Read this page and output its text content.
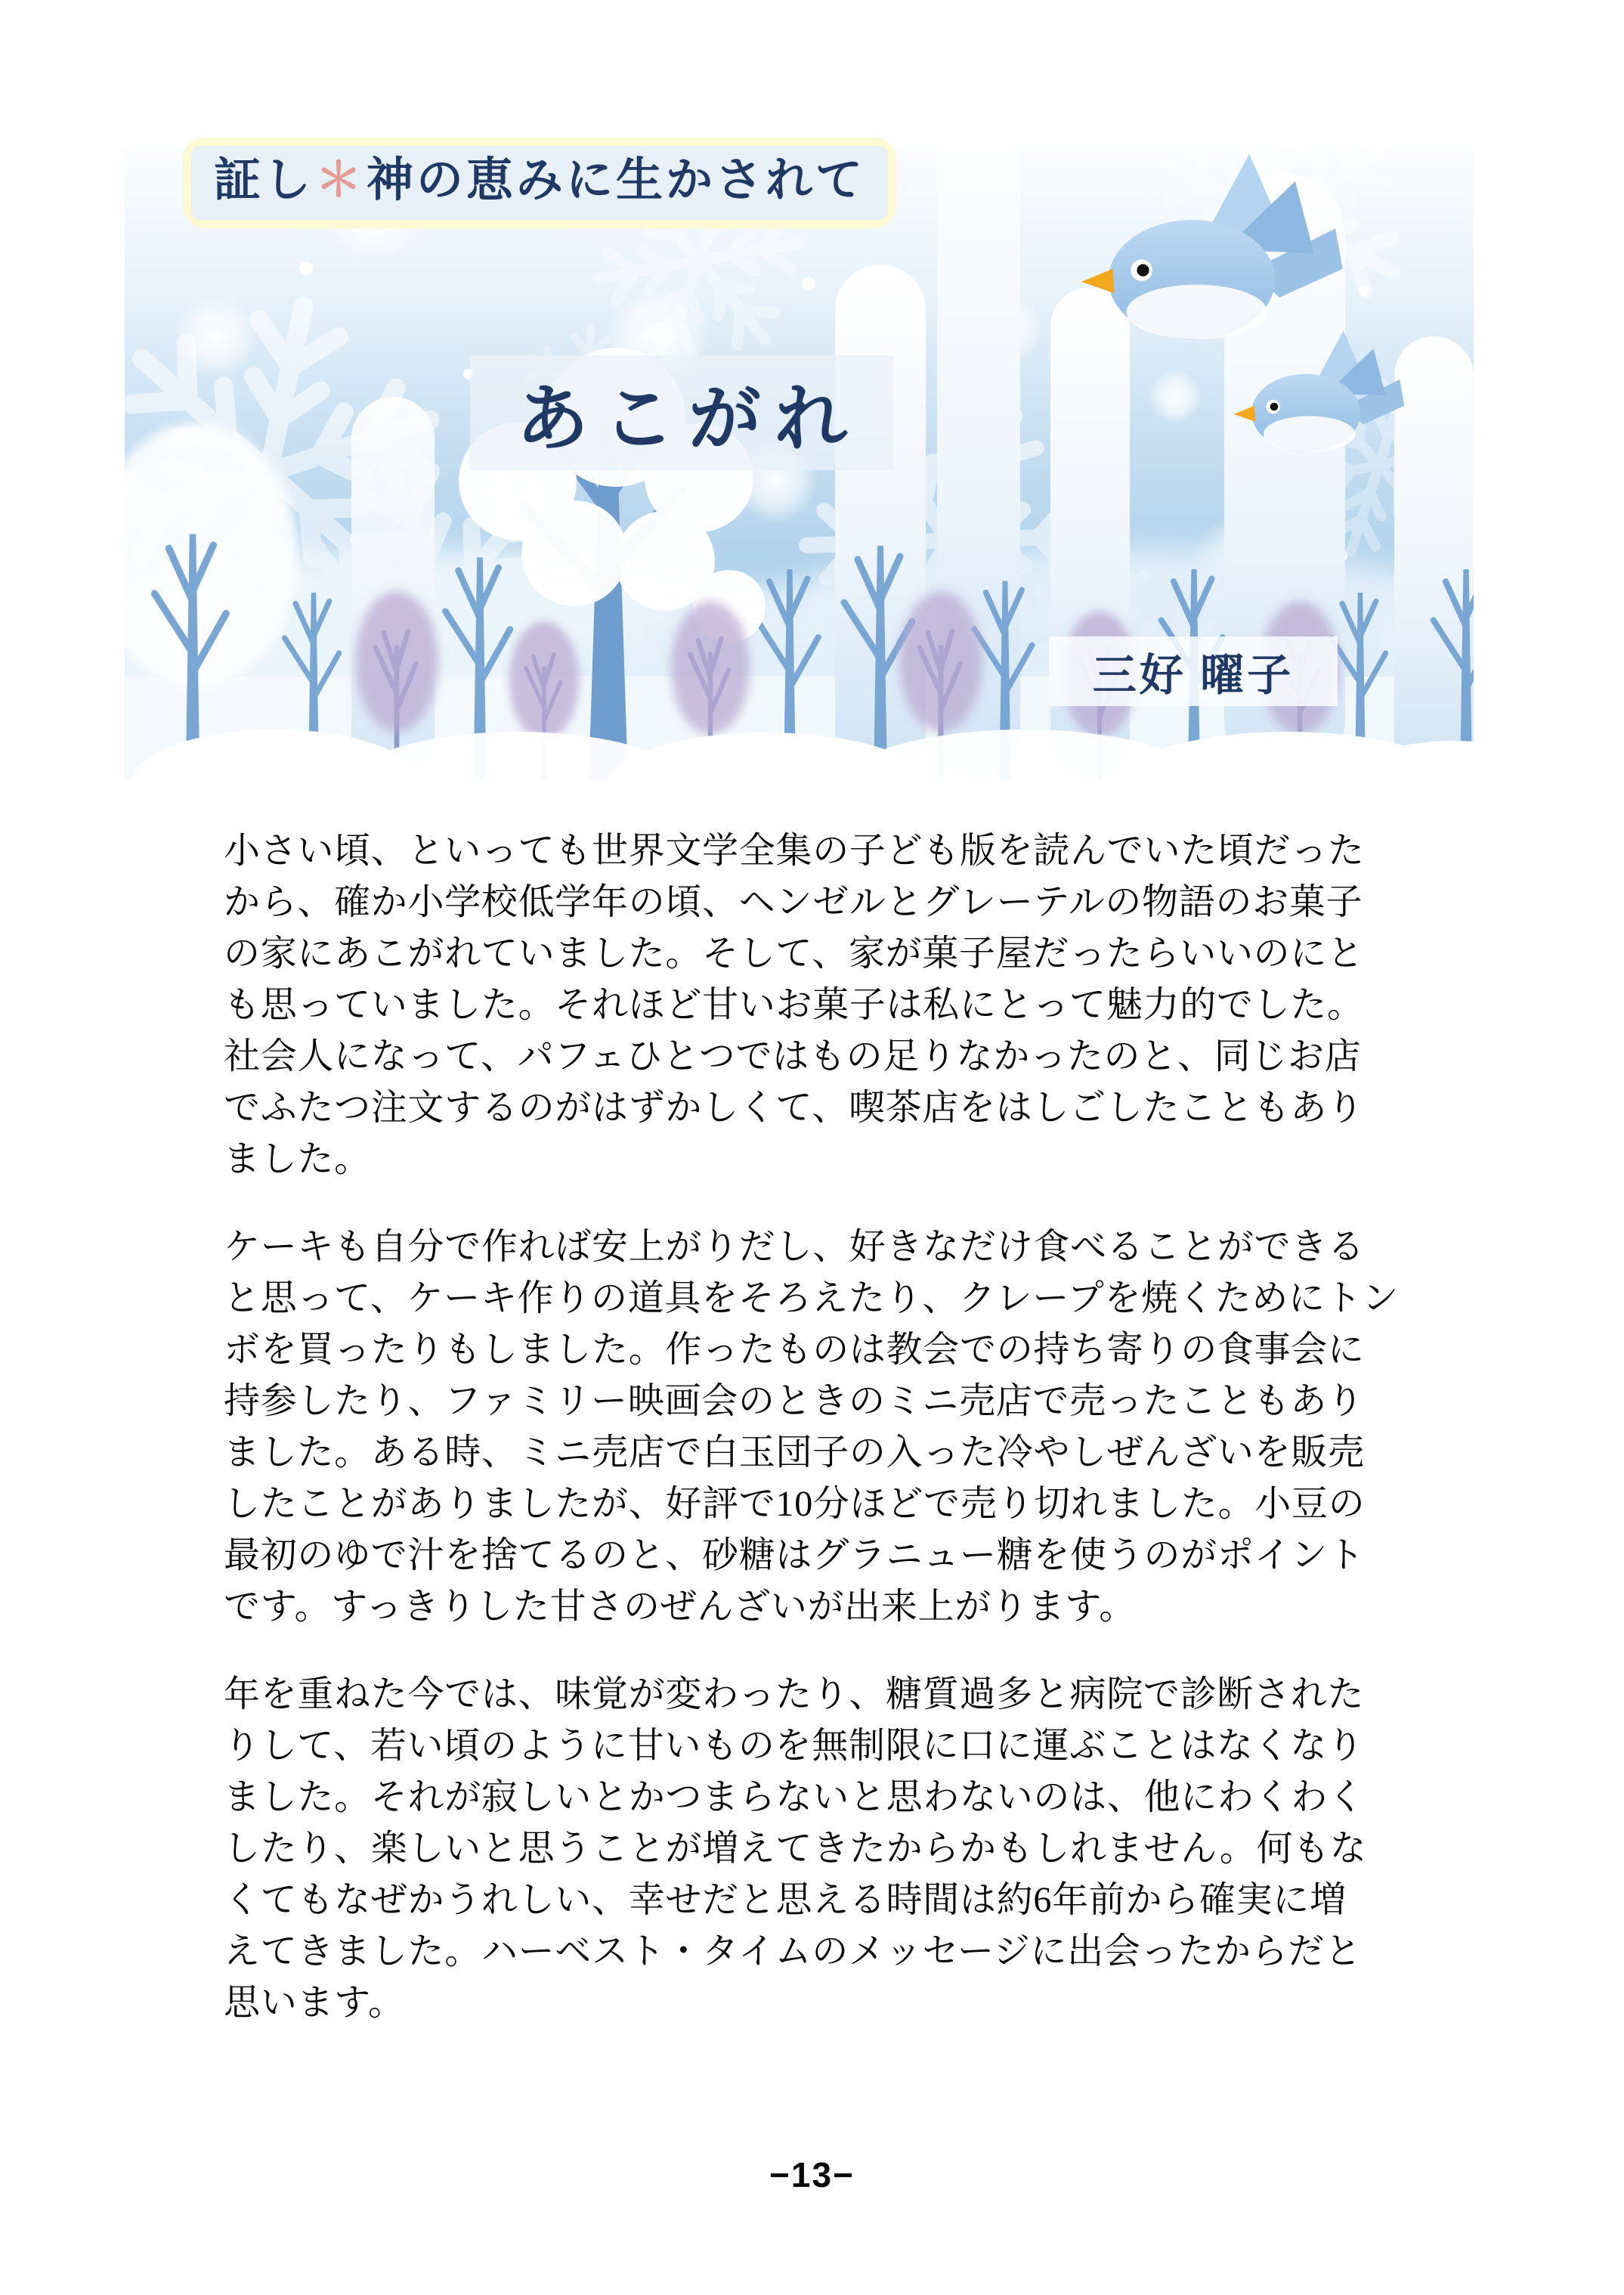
証し＊神の恵みに生かされて
あこがれ
三好 曜子
小さい頃、といっても世界文学全集の子ども版を読んでいた頃だった
から、確か小学校低学年の頃、ヘンゼルとグレーテルの物語のお菓子
の家にあこがれていました。そして、家が菓子屋だったらいいのにと
も思っていました。それほど甘いお菓子は私にとって魅力的でした。
社会人になって、パフェひとつではもの足りなかったのと、同じお店
でふたつ注文するのがはずかしくて、喫茶店をはしごしたこともあり
ました。
ケーキも自分で作れば安上がりだし、好きなだけ食べることができる
と思って、ケーキ作りの道具をそろえたり、クレープを焼くためにトン
ボを買ったりもしました。作ったものは教会での持ち寄りの食事会に
持参したり、ファミリー映画会のときのミニ売店で売ったこともあり
ました。ある時、ミニ売店で白玉団子の入った冷やしぜんざいを販売
したことがありましたが、好評で10分ほどで売り切れました。小豆の
最初のゆで汁を捨てるのと、砂糖はグラニュー糖を使うのがポイント
です。すっきりした甘さのぜんざいが出来上がります。
年を重ねた今では、味覚が変わったり、糖質過多と病院で診断された
りして、若い頃のように甘いものを無制限に口に運ぶことはなくなり
ました。それが寂しいとかつまらないと思わないのは、他にわくわく
したり、楽しいと思うことが増えてきたからかもしれません。何もな
くてもなぜかうれしい、幸せだと思える時間は約6年前から確実に増
えてきました。ハーベスト・タイムのメッセージに出会ったからだと
思います。
−13−
